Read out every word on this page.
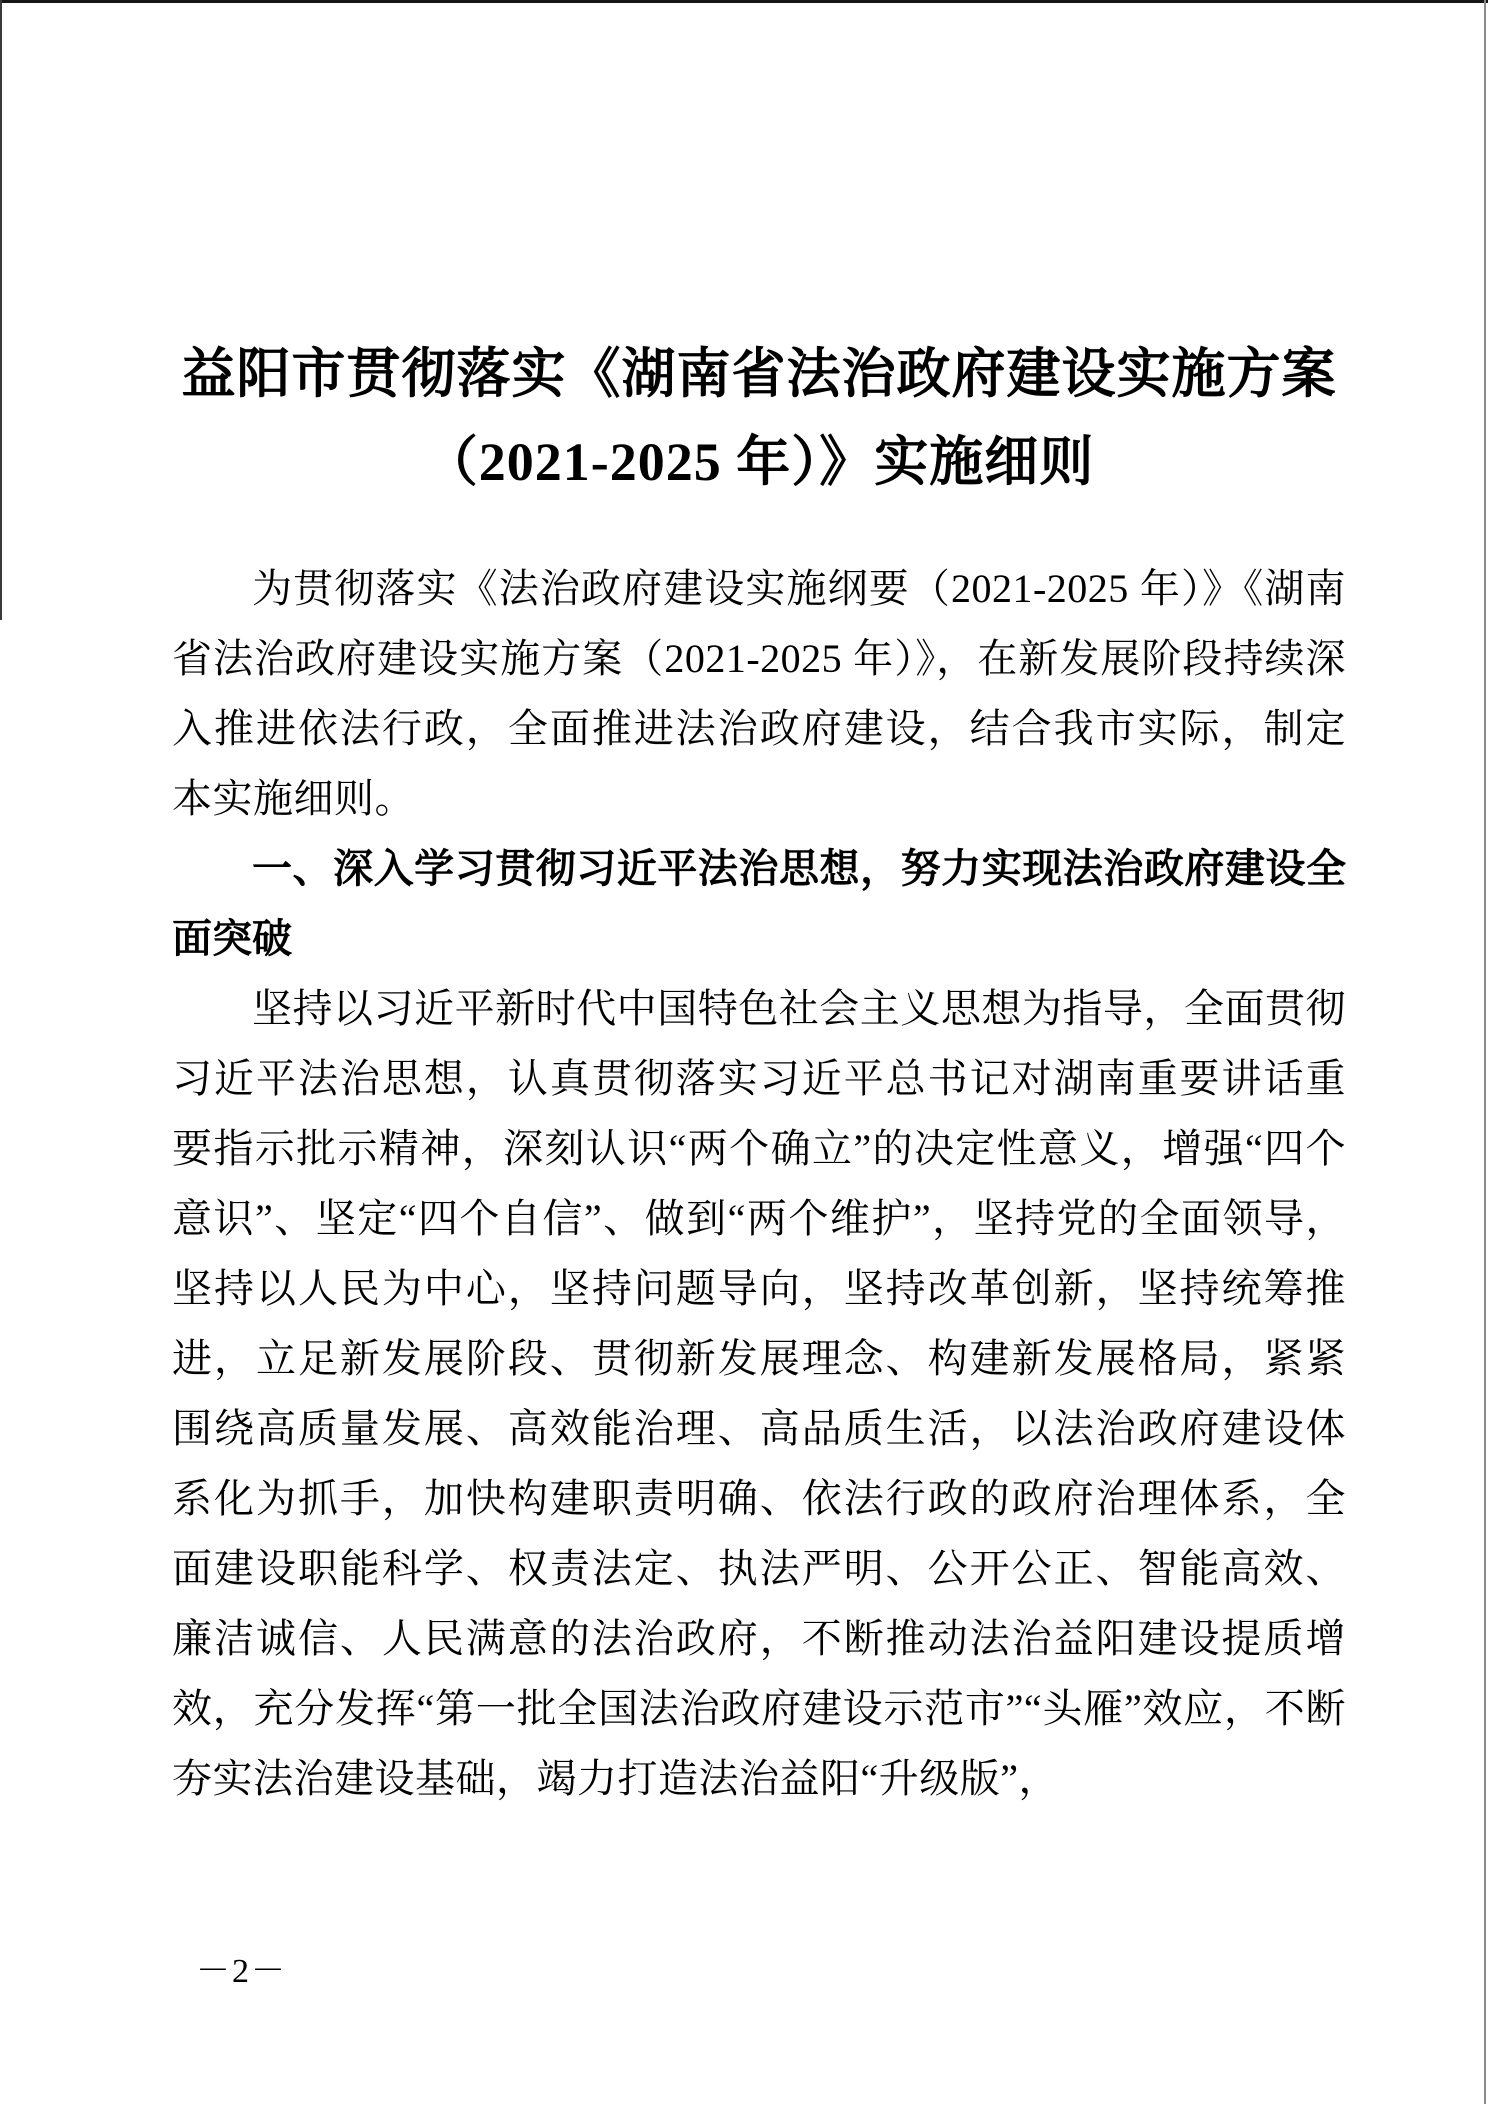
益阳市贯彻落实《湖南省法治政府建设实施方案
（2021-2025 年）》实施细则

为贯彻落实《法治政府建设实施纲要（2021-2025 年）》《湖南省法治政府建设实施方案（2021-2025 年）》，在新发展阶段持续深入推进依法行政，全面推进法治政府建设，结合我市实际，制定本实施细则。

一、深入学习贯彻习近平法治思想，努力实现法治政府建设全面突破

坚持以习近平新时代中国特色社会主义思想为指导，全面贯彻习近平法治思想，认真贯彻落实习近平总书记对湖南重要讲话重要指示批示精神，深刻认识“两个确立”的决定性意义，增强“四个意识”、坚定“四个自信”、做到“两个维护”，坚持党的全面领导，坚持以人民为中心，坚持问题导向，坚持改革创新，坚持统筹推进，立足新发展阶段、贯彻新发展理念、构建新发展格局，紧紧围绕高质量发展、高效能治理、高品质生活，以法治政府建设体系化为抓手，加快构建职责明确、依法行政的政府治理体系，全面建设职能科学、权责法定、执法严明、公开公正、智能高效、廉洁诚信、人民满意的法治政府，不断推动法治益阳建设提质增效，充分发挥“第一批全国法治政府建设示范市”“头雁”效应，不断夯实法治建设基础，竭力打造法治益阳“升级版”，

－2－
